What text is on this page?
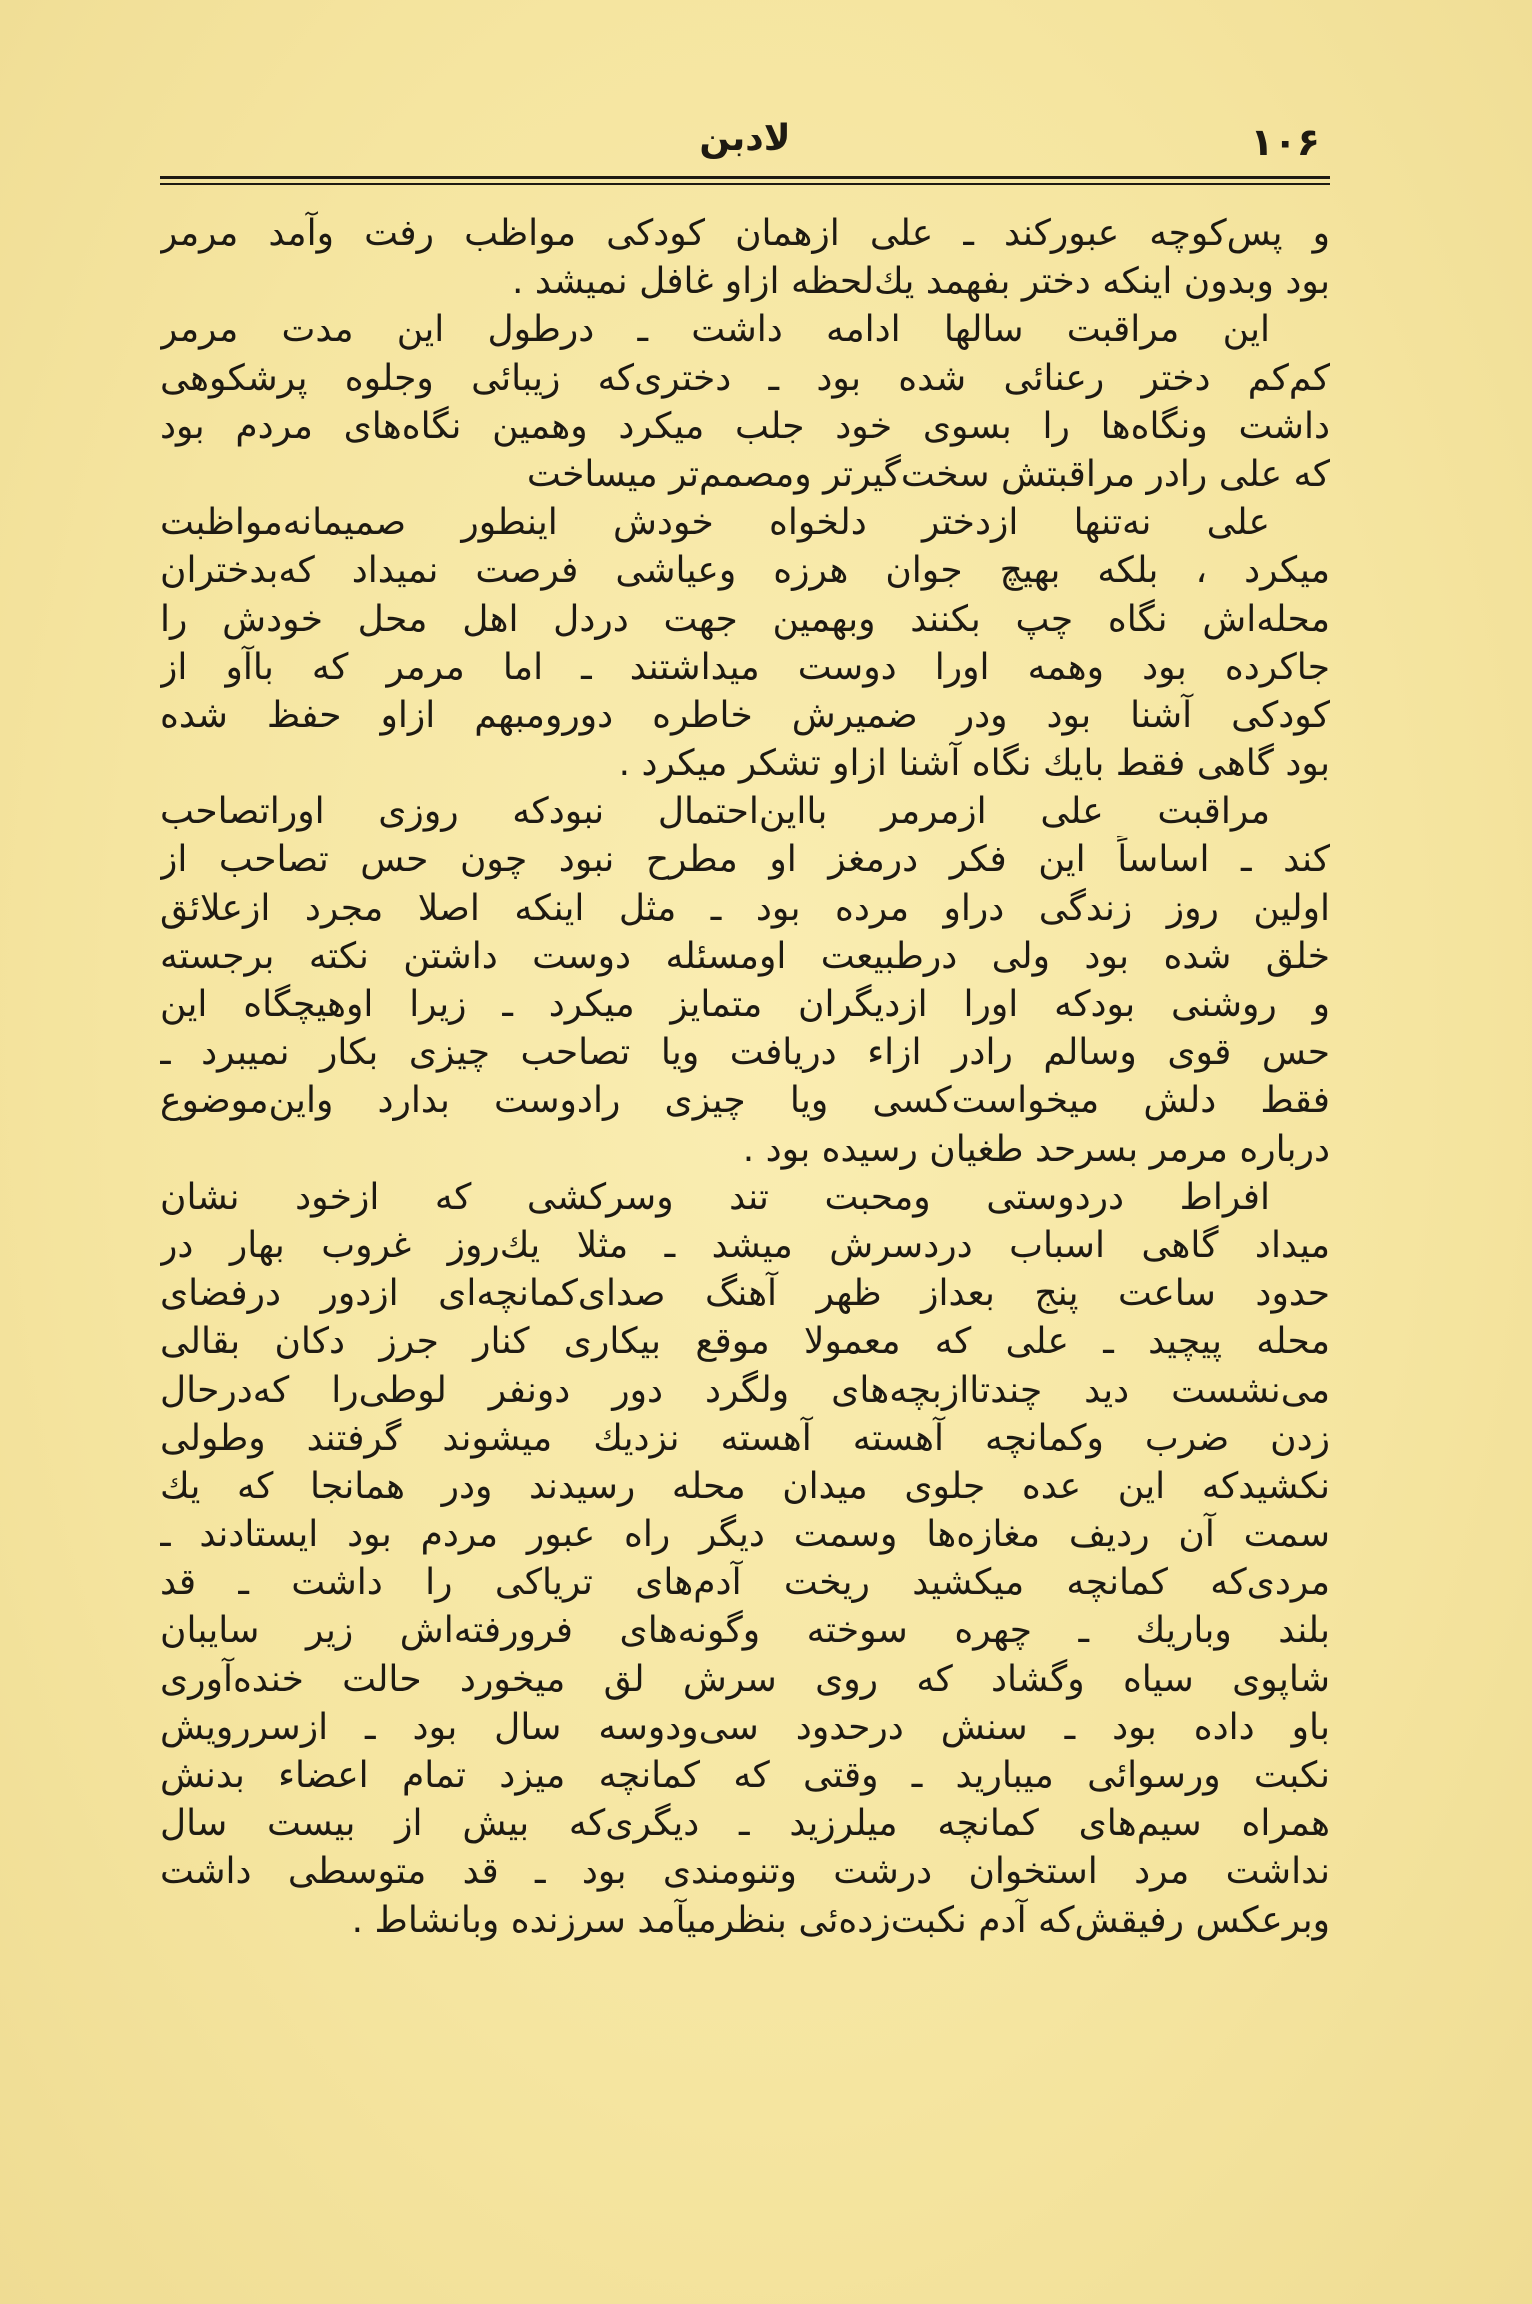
۱۰۶
لادبن
و پس‌کوچه عبورکند ـ علی ازهمان کودکی مواظب رفت وآمد مرمر
بود وبدون اینکه دختر بفهمد یك‌لحظه ازاو غافل نمیشد .
این مراقبت سالها ادامه داشت ـ درطول این مدت مرمر
کم‌کم دختر رعنائی شده بود ـ دختری‌که زیبائی وجلوه پرشکوهی
داشت ونگاه‌ها را بسوی خود جلب میکرد وهمین نگاه‌های مردم بود
که علی رادر مراقبتش سخت‌گیرتر ومصمم‌تر میساخت
علی نه‌تنها ازدختر دلخواه خودش اینطور صمیمانه‌مواظبت
میکرد ، بلکه بهیچ جوان هرزه وعیاشی فرصت نمیداد که‌بدختران
محله‌اش نگاه چپ بکنند وبهمین جهت دردل اهل محل خودش را
جاکرده بود وهمه اورا دوست میداشتند ـ اما مرمر که باآو از
کودکی آشنا بود ودر ضمیرش خاطره دورومبهم ازاو حفظ شده
بود گاهی فقط بایك نگاه آشنا ازاو تشکر میکرد .
مراقبت علی ازمرمر بااین‌احتمال نبودکه روزی اوراتصاحب
کند ـ اساساً این فکر درمغز او مطرح نبود چون حس تصاحب از
اولین روز زندگی دراو مرده بود ـ مثل اینکه اصلا مجرد ازعلائق
خلق شده بود ولی درطبیعت اومسئله دوست داشتن نکته برجسته
و روشنی بودکه اورا ازدیگران متمایز میکرد ـ زیرا اوهیچگاه این
حس قوی وسالم رادر ازاء دریافت ویا تصاحب چیزی بکار نمیبرد ـ
فقط دلش میخواست‌کسی ویا چیزی رادوست بدارد واین‌موضوع
درباره مرمر بسرحد طغیان رسیده بود .
افراط دردوستی ومحبت تند وسرکشی که ازخود نشان
میداد گاهی اسباب دردسرش میشد ـ مثلا یك‌روز غروب بهار در
حدود ساعت پنج بعداز ظهر آهنگ صدای‌کمانچه‌ای ازدور درفضای
محله پیچید ـ علی که معمولا موقع بیکاری کنار جرز دکان بقالی
می‌نشست دید چندتاازبچه‌های ولگرد دور دونفر لوطی‌را که‌درحال
زدن ضرب وکمانچه آهسته آهسته نزدیك میشوند گرفتند وطولی
نکشیدکه این عده جلوی میدان محله رسیدند ودر همانجا که یك
سمت آن ردیف مغازه‌ها وسمت دیگر راه عبور مردم بود ایستادند ـ
مردی‌که کمانچه میکشید ریخت آدم‌های تریاکی را داشت ـ قد
بلند وباریك ـ چهره سوخته وگونه‌های فرورفته‌اش زیر سایبان
شاپوی سیاه وگشاد که روی سرش لق میخورد حالت خنده‌آوری
باو داده بود ـ سنش درحدود سی‌ودوسه سال بود ـ ازسررویش
نکبت ورسوائی میبارید ـ وقتی که کمانچه میزد تمام اعضاء بدنش
همراه سیم‌های کمانچه میلرزید ـ دیگری‌که بیش از بیست سال
نداشت مرد استخوان درشت وتنومندی بود ـ قد متوسطی داشت
وبرعکس رفیقش‌که آدم نکبت‌زده‌ئی بنظرمیآمد سرزنده وبانشاط .
